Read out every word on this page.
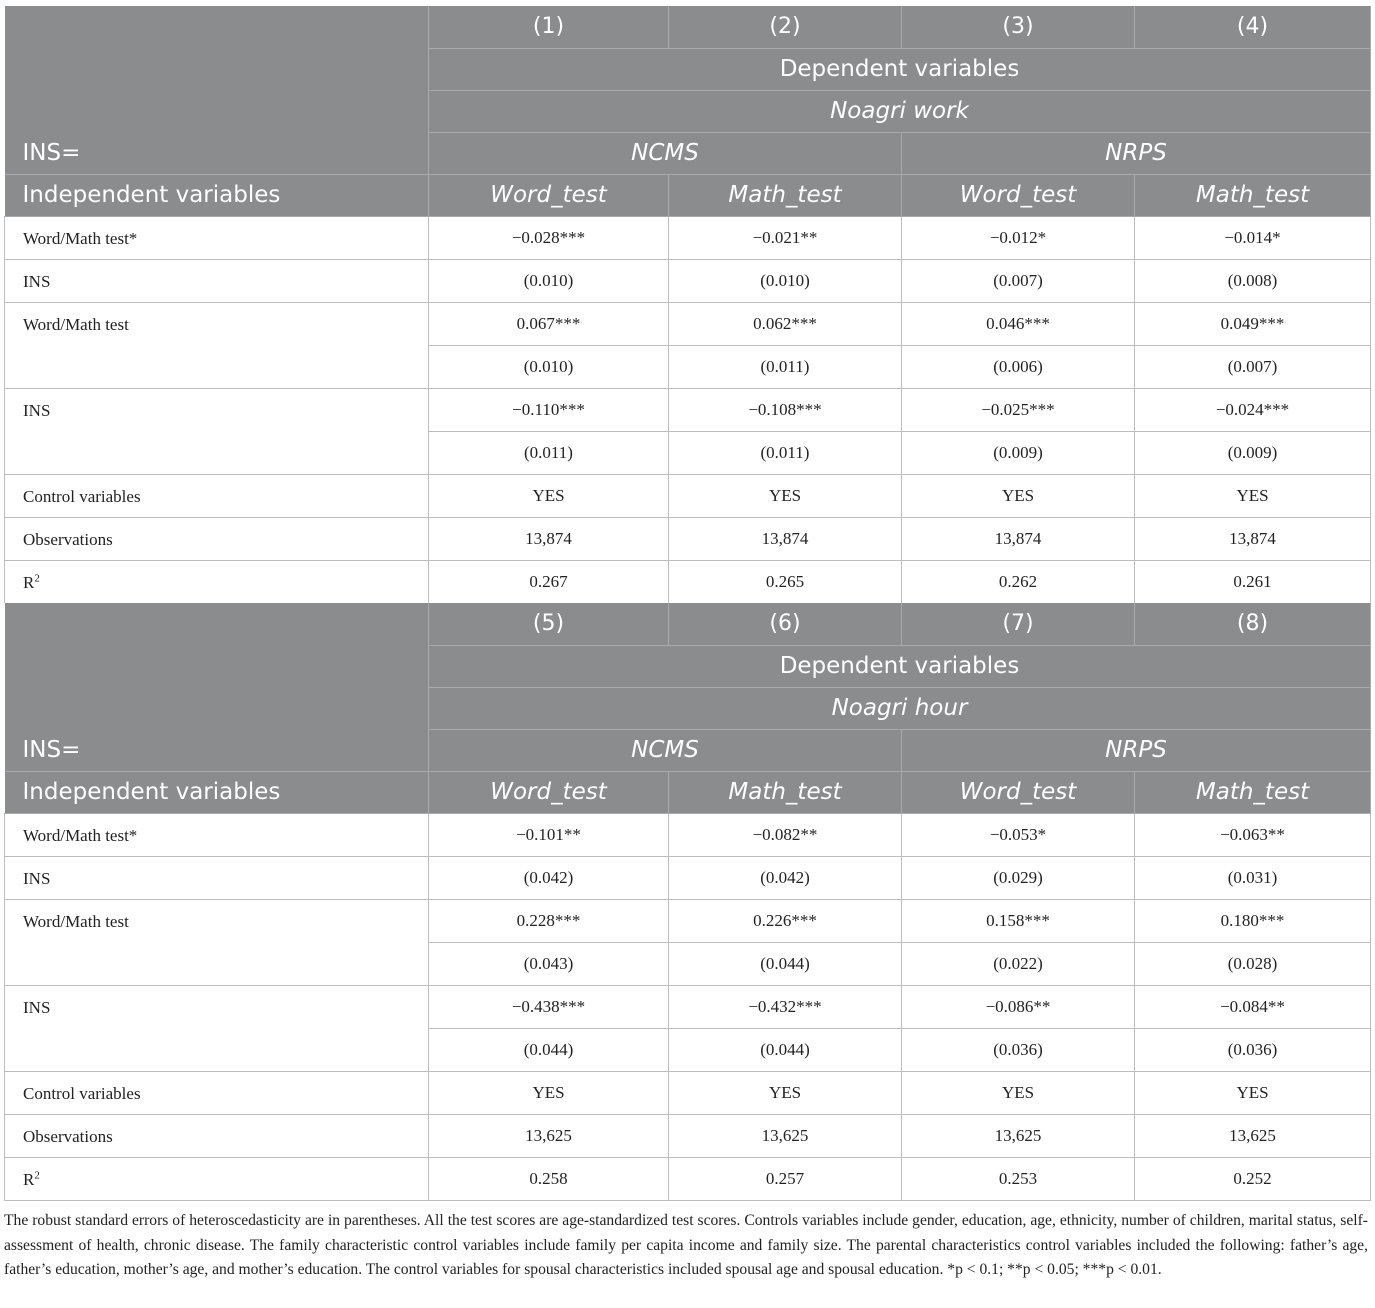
	(1)	(2)	(3)	(4)
	Dependent variables			
	Noagri work			
INS=	NCMS		NRPS	
Independent variables	Word_test	Math_test	Word_test	Math_test
Word/Math test*	−0.028***	−0.021**	−0.012*	−0.014*
INS	(0.010)	(0.010)	(0.007)	(0.008)
Word/Math test	0.067***	0.062***	0.046***	0.049***
	(0.010)	(0.011)	(0.006)	(0.007)
INS	−0.110***	−0.108***	−0.025***	−0.024***
	(0.011)	(0.011)	(0.009)	(0.009)
Control variables	YES	YES	YES	YES
Observations	13,874	13,874	13,874	13,874
$R^2$	0.267	0.265	0.262	0.261
	(5)	(6)	(7)	(8)
	Dependent variables			
	Noagri hour			
INS=	NCMS		NRPS	
Independent variables	Word_test	Math_test	Word_test	Math_test
Word/Math test*	−0.101**	−0.082**	−0.053*	−0.063**
INS	(0.042)	(0.042)	(0.029)	(0.031)
Word/Math test	0.228***	0.226***	0.158***	0.180***
	(0.043)	(0.044)	(0.022)	(0.028)
INS	−0.438***	−0.432***	−0.086**	−0.084**
	(0.044)	(0.044)	(0.036)	(0.036)
Control variables	YES	YES	YES	YES
Observations	13,625	13,625	13,625	13,625
$R^2$	0.258	0.257	0.253	0.252
The robust standard errors of heteroscedasticity are in parentheses. All the test scores are age-standardized test scores. Controls variables include gender, education, age, ethnicity, number of children, marital status, self-assessment of health, chronic disease. The family characteristic control variables include family per capita income and family size. The parental characteristics control variables included the following: father’s age, father’s education, mother’s age, and mother’s education. The control variables for spousal characteristics included spousal age and spousal education. *p < 0.1; **p < 0.05; ***p < 0.01.
